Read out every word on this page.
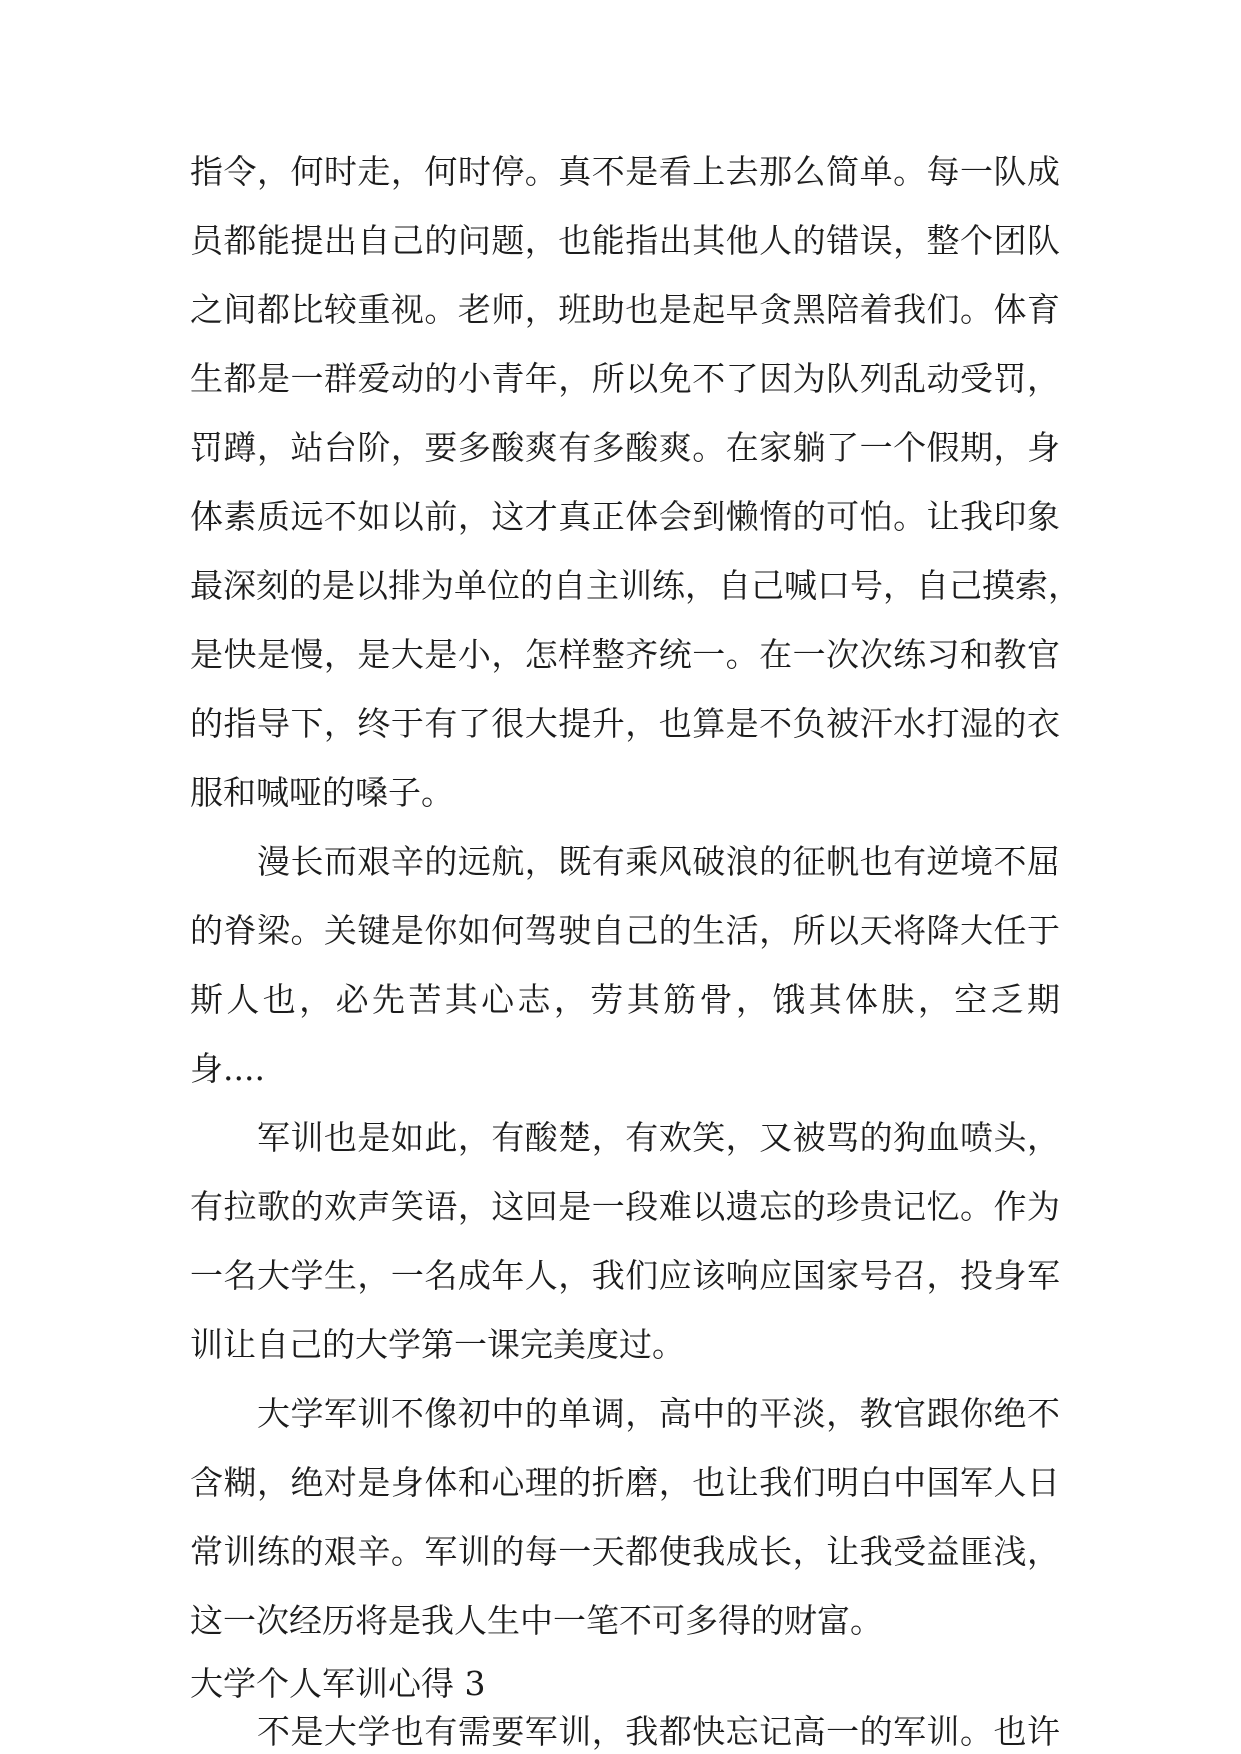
指令，何时走，何时停。真不是看上去那么简单。每一队成
员都能提出自己的问题，也能指出其他人的错误，整个团队
之间都比较重视。老师，班助也是起早贪黑陪着我们。体育
生都是一群爱动的小青年，所以免不了因为队列乱动受罚，
罚蹲，站台阶，要多酸爽有多酸爽。在家躺了一个假期，身
体素质远不如以前，这才真正体会到懒惰的可怕。让我印象
最深刻的是以排为单位的自主训练，自己喊口号，自己摸索，
是快是慢，是大是小，怎样整齐统一。在一次次练习和教官
的指导下，终于有了很大提升，也算是不负被汗水打湿的衣
服和喊哑的嗓子。
　　漫长而艰辛的远航，既有乘风破浪的征帆也有逆境不屈
的脊梁。关键是你如何驾驶自己的生活，所以天将降大任于
斯人也，必先苦其心志，劳其筋骨，饿其体肤，空乏期
身....
　　军训也是如此，有酸楚，有欢笑，又被骂的狗血喷头，
有拉歌的欢声笑语，这回是一段难以遗忘的珍贵记忆。作为
一名大学生，一名成年人，我们应该响应国家号召，投身军
训让自己的大学第一课完美度过。
　　大学军训不像初中的单调，高中的平淡，教官跟你绝不
含糊，绝对是身体和心理的折磨，也让我们明白中国军人日
常训练的艰辛。军训的每一天都使我成长，让我受益匪浅，
这一次经历将是我人生中一笔不可多得的财富。
大学个人军训心得 3
　　不是大学也有需要军训，我都快忘记高一的军训。也许
